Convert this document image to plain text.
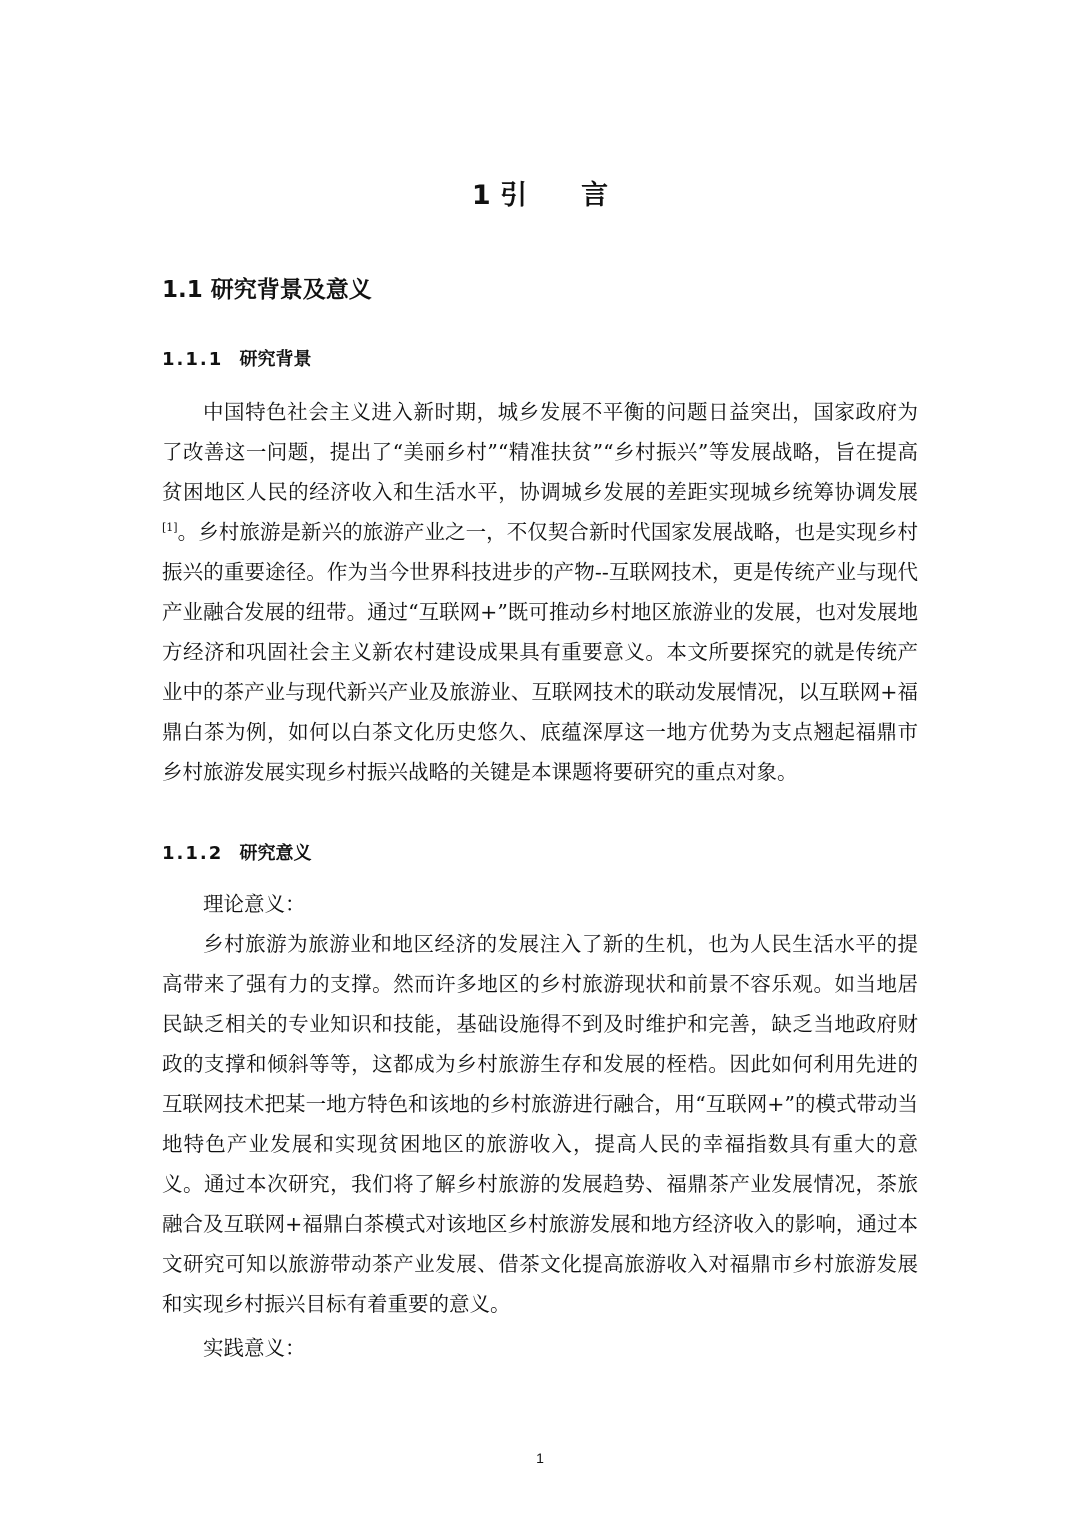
1 引　　言
1.1 研究背景及意义
1.1.1 研究背景

中国特色社会主义进入新时期，城乡发展不平衡的问题日益突出，国家政府为了改善这一问题，提出了“美丽乡村”“精准扶贫”“乡村振兴”等发展战略，旨在提高贫困地区人民的经济收入和生活水平，协调城乡发展的差距实现城乡统筹协调发展[1]。乡村旅游是新兴的旅游产业之一，不仅契合新时代国家发展战略，也是实现乡村振兴的重要途径。作为当今世界科技进步的产物--互联网技术，更是传统产业与现代产业融合发展的纽带。通过“互联网+”既可推动乡村地区旅游业的发展，也对发展地方经济和巩固社会主义新农村建设成果具有重要意义。本文所要探究的就是传统产业中的茶产业与现代新兴产业及旅游业、互联网技术的联动发展情况，以互联网+福鼎白茶为例，如何以白茶文化历史悠久、底蕴深厚这一地方优势为支点翘起福鼎市乡村旅游发展实现乡村振兴战略的关键是本课题将要研究的重点对象。

1.1.2 研究意义

理论意义：

乡村旅游为旅游业和地区经济的发展注入了新的生机，也为人民生活水平的提高带来了强有力的支撑。然而许多地区的乡村旅游现状和前景不容乐观。如当地居民缺乏相关的专业知识和技能，基础设施得不到及时维护和完善，缺乏当地政府财政的支撑和倾斜等等，这都成为乡村旅游生存和发展的桎梏。因此如何利用先进的互联网技术把某一地方特色和该地的乡村旅游进行融合，用“互联网+”的模式带动当地特色产业发展和实现贫困地区的旅游收入，提高人民的幸福指数具有重大的意义。通过本次研究，我们将了解乡村旅游的发展趋势、福鼎茶产业发展情况，茶旅融合及互联网+福鼎白茶模式对该地区乡村旅游发展和地方经济收入的影响，通过本文研究可知以旅游带动茶产业发展、借茶文化提高旅游收入对福鼎市乡村旅游发展和实现乡村振兴目标有着重要的意义。

实践意义：

1
